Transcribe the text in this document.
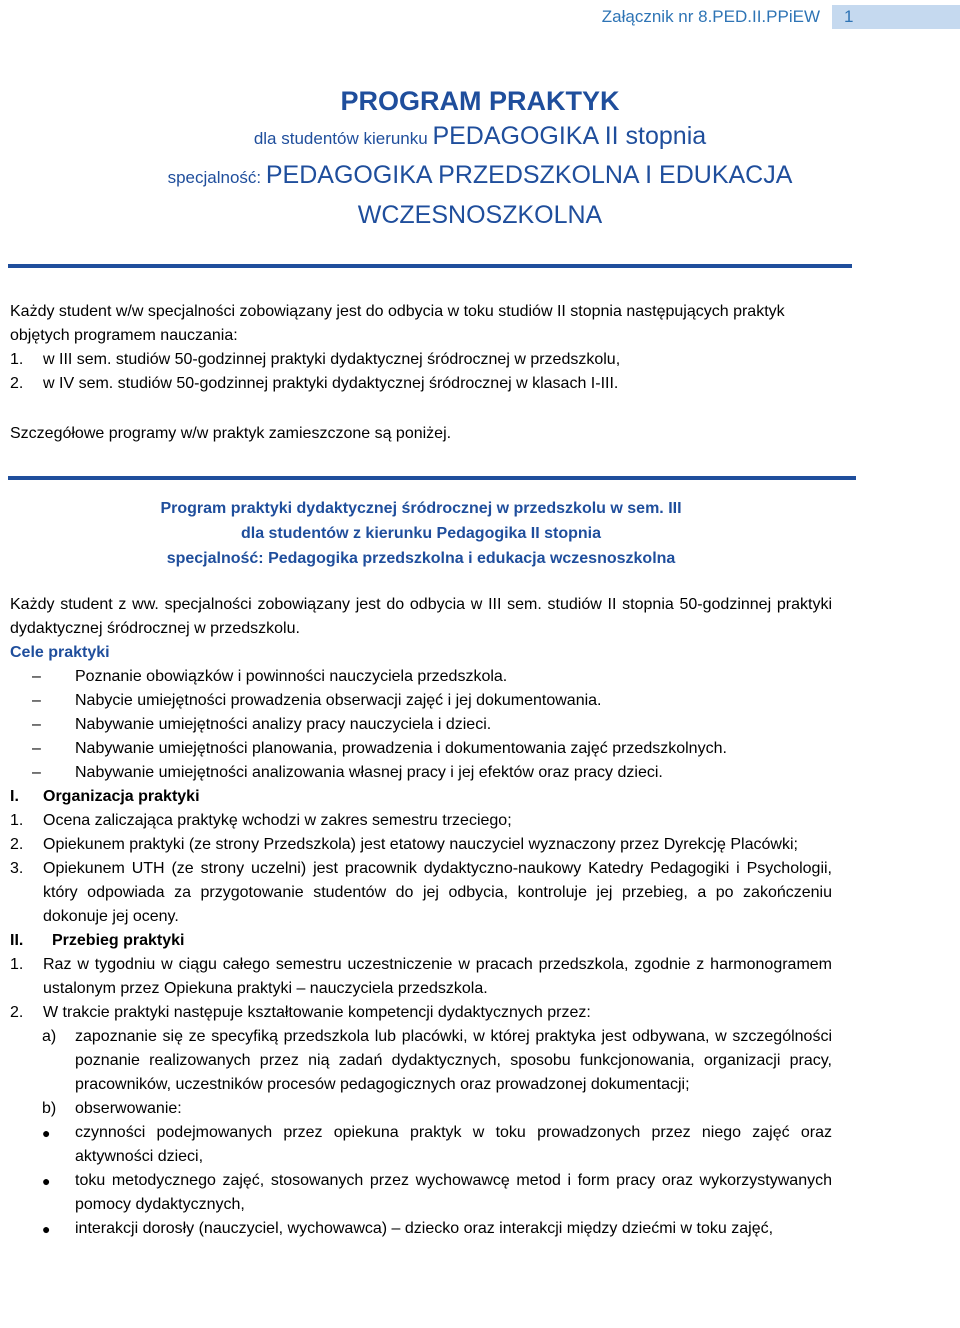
Załącznik nr 8.PED.II.PPiEW	1

PROGRAM PRAKTYK

dla studentów kierunku PEDAGOGIKA II stopnia

specjalność: PEDAGOGIKA PRZEDSZKOLNA I EDUKACJA

WCZESNOSZKOLNA

Każdy student w/w specjalności zobowiązany jest do odbycia w toku studiów II stopnia następujących praktyk objętych programem nauczania:

1.	w III sem. studiów 50-godzinnej praktyki dydaktycznej śródrocznej w przedszkolu,
2.	w IV sem. studiów 50-godzinnej praktyki dydaktycznej śródrocznej w klasach I-III.
Szczegółowe programy w/w praktyk zamieszczone są poniżej.

Program praktyki dydaktycznej śródrocznej w przedszkolu w sem. III

dla studentów z kierunku Pedagogika II stopnia

specjalność: Pedagogika przedszkolna i edukacja wczesnoszkolna

Każdy student z ww. specjalności zobowiązany jest do odbycia w III sem. studiów II stopnia 50-godzinnej praktyki dydaktycznej śródrocznej w przedszkolu.

Cele praktyki

–	Poznanie obowiązków i powinności nauczyciela przedszkola.
–	Nabycie umiejętności prowadzenia obserwacji zajęć i jej dokumentowania.
–	Nabywanie umiejętności analizy pracy nauczyciela i dzieci.
–	Nabywanie umiejętności planowania, prowadzenia i dokumentowania zajęć przedszkolnych.
–	Nabywanie umiejętności analizowania własnej pracy i jej efektów oraz pracy dzieci.
I.	Organizacja praktyki
1.	Ocena zaliczająca praktykę wchodzi w zakres semestru trzeciego;
2.	Opiekunem praktyki (ze strony Przedszkola) jest etatowy nauczyciel wyznaczony przez Dyrekcję Placówki;
3.	Opiekunem UTH (ze strony uczelni) jest pracownik dydaktyczno-naukowy Katedry Pedagogiki i Psychologii, który odpowiada za przygotowanie studentów do jej odbycia, kontroluje jej przebieg, a po zakończeniu dokonuje jej oceny.
II.	Przebieg praktyki
1.	Raz w tygodniu w ciągu całego semestru uczestniczenie w pracach przedszkola, zgodnie z harmonogramem ustalonym przez Opiekuna praktyki – nauczyciela przedszkola.
2.	W trakcie praktyki następuje kształtowanie kompetencji dydaktycznych przez:
a)	zapoznanie się ze specyfiką przedszkola lub placówki, w której praktyka jest odbywana, w szczególności poznanie realizowanych przez nią zadań dydaktycznych, sposobu funkcjonowania, organizacji pracy, pracowników, uczestników procesów pedagogicznych oraz prowadzonej dokumentacji;
b)	obserwowanie:
●	czynności podejmowanych przez opiekuna praktyk w toku prowadzonych przez niego zajęć oraz aktywności dzieci,
●	toku metodycznego zajęć, stosowanych przez wychowawcę metod i form pracy oraz wykorzystywanych pomocy dydaktycznych,
●	interakcji dorosły (nauczyciel, wychowawca) – dziecko oraz interakcji między dziećmi w toku zajęć,
